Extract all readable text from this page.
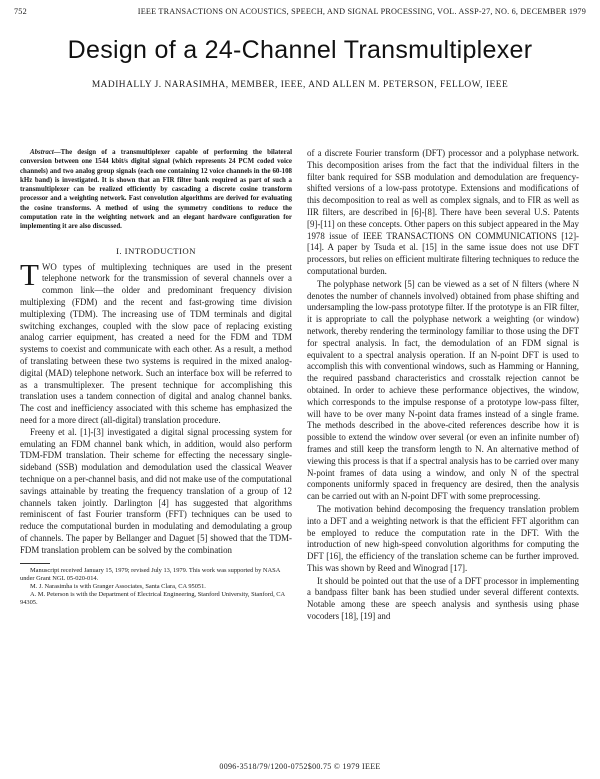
752	IEEE TRANSACTIONS ON ACOUSTICS, SPEECH, AND SIGNAL PROCESSING, VOL. ASSP-27, NO. 6, DECEMBER 1979
Design of a 24-Channel Transmultiplexer
MADIHALLY J. NARASIMHA, MEMBER, IEEE, AND ALLEN M. PETERSON, FELLOW, IEEE

Abstract—The design of a transmultiplexer capable of performing the bilateral conversion between one 1544 kbit/s digital signal (which represents 24 PCM coded voice channels) and two analog group signals (each one containing 12 voice channels in the 60-108 kHz band) is investigated. It is shown that an FIR filter bank required as part of such a transmultiplexer can be realized efficiently by cascading a discrete cosine transform processor and a weighting network. Fast convolution algorithms are derived for evaluating the cosine transforms. A method of using the symmetry conditions to reduce the computation rate in the weighting network and an elegant hardware configuration for implementing it are also discussed.

I. INTRODUCTION

TWO types of multiplexing techniques are used in the present telephone network for the transmission of several channels over a common link—the older and predominant frequency division multiplexing (FDM) and the recent and fast-growing time division multiplexing (TDM). The increasing use of TDM terminals and digital switching exchanges, coupled with the slow pace of replacing existing analog carrier equipment, has created a need for the FDM and TDM systems to coexist and communicate with each other. As a result, a method of translating between these two systems is required in the mixed analog-digital (MAD) telephone network. Such an interface box will be referred to as a transmultiplexer. The present technique for accomplishing this translation uses a tandem connection of digital and analog channel banks. The cost and inefficiency associated with this scheme has emphasized the need for a more direct (all-digital) translation procedure.

Freeny et al. [1]-[3] investigated a digital signal processing system for emulating an FDM channel bank which, in addition, would also perform TDM-FDM translation. Their scheme for effecting the necessary single-sideband (SSB) modulation and demodulation used the classical Weaver technique on a per-channel basis, and did not make use of the computational savings attainable by treating the frequency translation of a group of 12 channels taken jointly. Darlington [4] has suggested that algorithms reminiscent of fast Fourier transform (FFT) techniques can be used to reduce the computational burden in modulating and demodulating a group of channels. The paper by Bellanger and Daguet [5] showed that the TDM-FDM translation problem can be solved by the combination

Manuscript received January 15, 1979; revised July 13, 1979. This work was supported by NASA under Grant NGL 05-020-014.

M. J. Narasimha is with Granger Associates, Santa Clara, CA 95051.

A. M. Peterson is with the Department of Electrical Engineering, Stanford University, Stanford, CA 94305.

of a discrete Fourier transform (DFT) processor and a polyphase network. This decomposition arises from the fact that the individual filters in the filter bank required for SSB modulation and demodulation are frequency-shifted versions of a low-pass prototype. Extensions and modifications of this decomposition to real as well as complex signals, and to FIR as well as IIR filters, are described in [6]-[8]. There have been several U.S. Patents [9]-[11] on these concepts. Other papers on this subject appeared in the May 1978 issue of IEEE TRANSACTIONS ON COMMUNICATIONS [12]-[14]. A paper by Tsuda et al. [15] in the same issue does not use DFT processors, but relies on efficient multirate filtering techniques to reduce the computational burden.

The polyphase network [5] can be viewed as a set of N filters (where N denotes the number of channels involved) obtained from phase shifting and undersampling the low-pass prototype filter. If the prototype is an FIR filter, it is appropriate to call the polyphase network a weighting (or window) network, thereby rendering the terminology familiar to those using the DFT for spectral analysis. In fact, the demodulation of an FDM signal is equivalent to a spectral analysis operation. If an N-point DFT is used to accomplish this with conventional windows, such as Hamming or Hanning, the required passband characteristics and crosstalk rejection cannot be obtained. In order to achieve these performance objectives, the window, which corresponds to the impulse response of a prototype low-pass filter, will have to be over many N-point data frames instead of a single frame. The methods described in the above-cited references describe how it is possible to extend the window over several (or even an infinite number of) frames and still keep the transform length to N. An alternative method of viewing this process is that if a spectral analysis has to be carried over many N-point frames of data using a window, and only N of the spectral components uniformly spaced in frequency are desired, then the analysis can be carried out with an N-point DFT with some preprocessing.

The motivation behind decomposing the frequency translation problem into a DFT and a weighting network is that the efficient FFT algorithm can be employed to reduce the computation rate in the DFT. With the introduction of new high-speed convolution algorithms for computing the DFT [16], the efficiency of the translation scheme can be further improved. This was shown by Reed and Winograd [17].

It should be pointed out that the use of a DFT processor in implementing a bandpass filter bank has been studied under several different contexts. Notable among these are speech analysis and synthesis using phase vocoders [18], [19] and

0096-3518/79/1200-0752$00.75 © 1979 IEEE
